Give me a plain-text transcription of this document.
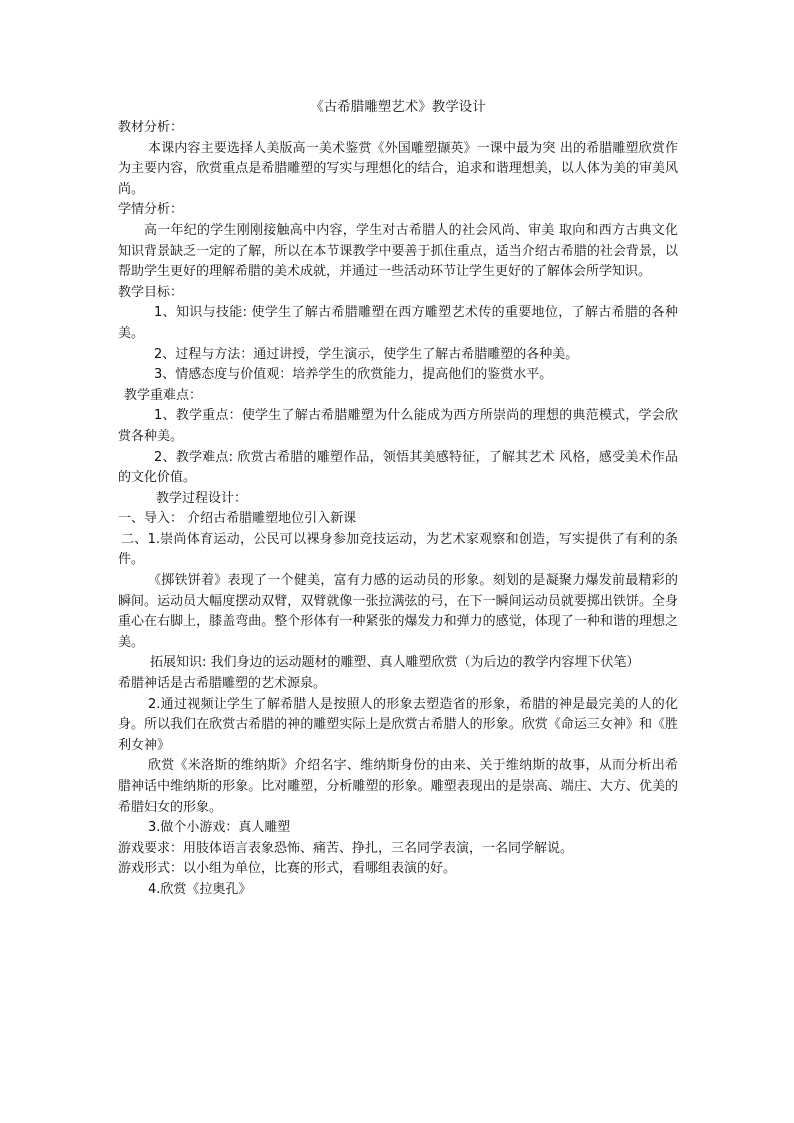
《古希腊雕塑艺术》教学设计

教材分析：

本课内容主要选择人美版高一美术鉴赏《外国雕塑撷英》一课中最为突 出的希腊雕塑欣赏作为主要内容，欣赏重点是希腊雕塑的写实与理想化的结合，追求和谐理想美，以人体为美的审美风尚。

学情分析：

高一年纪的学生刚刚接触高中内容，学生对古希腊人的社会风尚、审美 取向和西方古典文化知识背景缺乏一定的了解，所以在本节课教学中要善于抓住重点，适当介绍古希腊的社会背景，以帮助学生更好的理解希腊的美术成就，并通过一些活动环节让学生更好的了解体会所学知识。

教学目标：

1、知识与技能: 使学生了解古希腊雕塑在西方雕塑艺术传的重要地位，了解古希腊的各种美。

2、过程与方法：通过讲授，学生演示，使学生了解古希腊雕塑的各种美。

3、情感态度与价值观：培养学生的欣赏能力，提高他们的鉴赏水平。

教学重难点：

1、教学重点：使学生了解古希腊雕塑为什么能成为西方所崇尚的理想的典范模式，学会欣赏各种美。

2、教学难点: 欣赏古希腊的雕塑作品，领悟其美感特征，了解其艺术 风格，感受美术作品的文化价值。

教学过程设计：

一、导入： 介绍古希腊雕塑地位引入新课

二、1.崇尚体育运动，公民可以裸身参加竞技运动，为艺术家观察和创造，写实提供了有利的条件。

《掷铁饼着》表现了一个健美，富有力感的运动员的形象。刻划的是凝聚力爆发前最精彩的瞬间。运动员大幅度摆动双臂，双臂就像一张拉满弦的弓，在下一瞬间运动员就要掷出铁饼。全身重心在右脚上，膝盖弯曲。整个形体有一种紧张的爆发力和弹力的感觉，体现了一种和谐的理想之美。

拓展知识: 我们身边的运动题材的雕塑、真人雕塑欣赏（为后边的教学内容埋下伏笔）

希腊神话是古希腊雕塑的艺术源泉。

2.通过视频让学生了解希腊人是按照人的形象去塑造省的形象，希腊的神是最完美的人的化身。所以我们在欣赏古希腊的神的雕塑实际上是欣赏古希腊人的形象。欣赏《命运三女神》和《胜利女神》

欣赏《米洛斯的维纳斯》介绍名字、维纳斯身份的由来、关于维纳斯的故事，从而分析出希腊神话中维纳斯的形象。比对雕塑，分析雕塑的形象。雕塑表现出的是崇高、端庄、大方、优美的希腊妇女的形象。

3.做个小游戏：真人雕塑

游戏要求：用肢体语言表象恐怖、痛苦、挣扎，三名同学表演，一名同学解说。

游戏形式：以小组为单位，比赛的形式，看哪组表演的好。

4.欣赏《拉奥孔》
